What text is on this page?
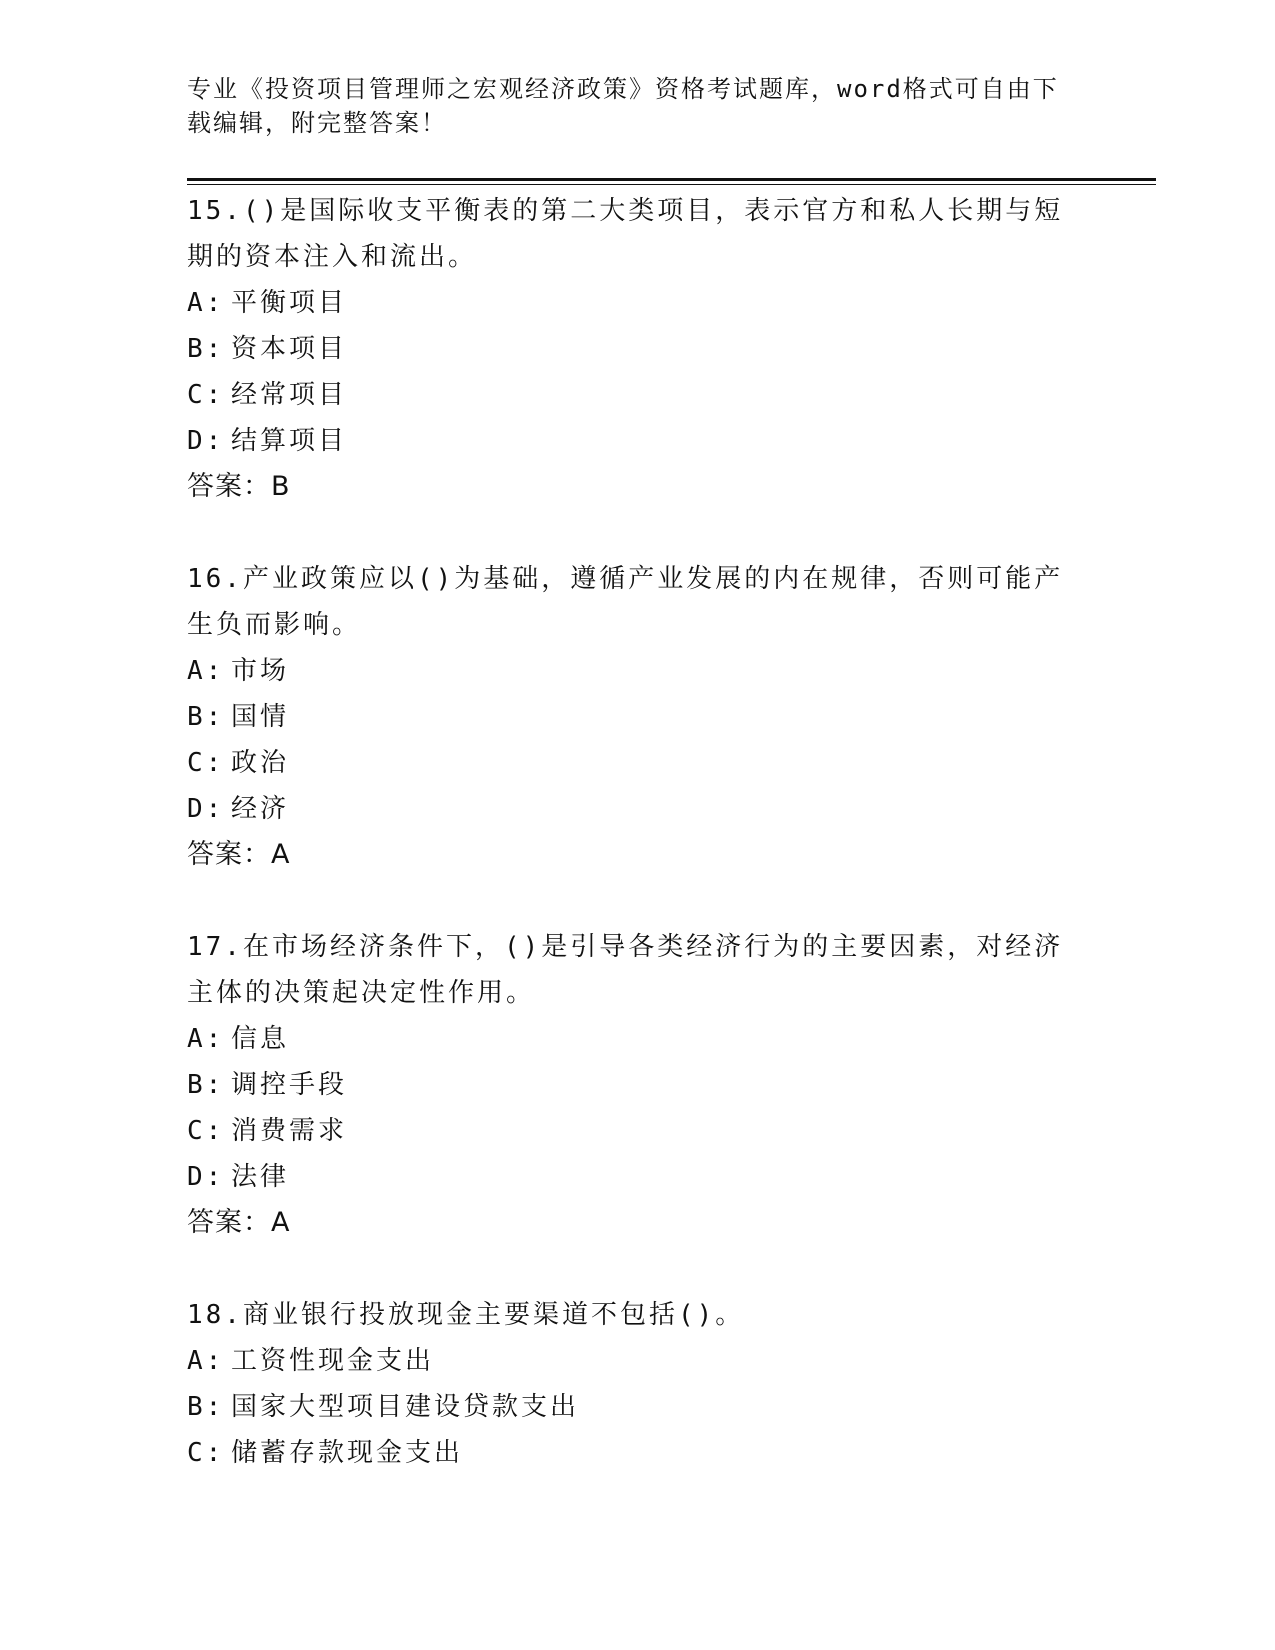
专业《投资项目管理师之宏观经济政策》资格考试题库，word格式可自由下载编辑，附完整答案！

15.()是国际收支平衡表的第二大类项目，表示官方和私人长期与短期的资本注入和流出。

A: 平衡项目

B: 资本项目

C: 经常项目

D: 结算项目

答案：B

16.产业政策应以()为基础，遵循产业发展的内在规律，否则可能产生负而影响。

A: 市场

B: 国情

C: 政治

D: 经济

答案：A

17.在市场经济条件下，()是引导各类经济行为的主要因素，对经济主体的决策起决定性作用。

A: 信息

B: 调控手段

C: 消费需求

D: 法律

答案：A

18.商业银行投放现金主要渠道不包括()。

A: 工资性现金支出

B: 国家大型项目建设贷款支出

C: 储蓄存款现金支出
